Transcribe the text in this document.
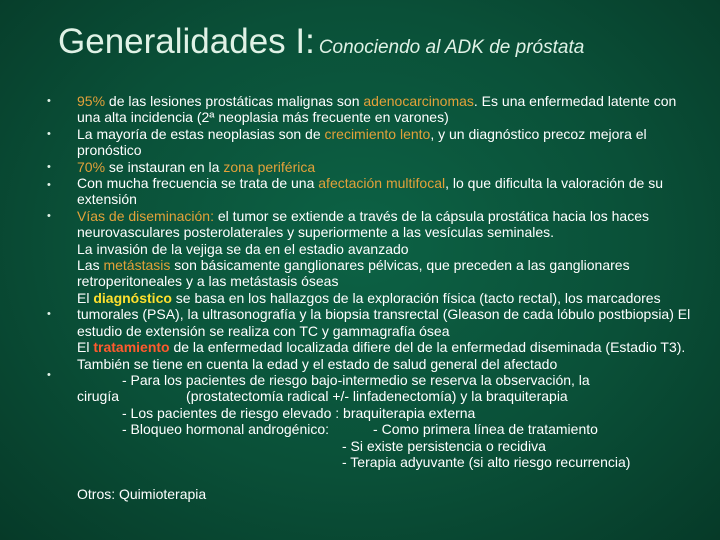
Generalidades I: Conociendo al ADK de próstata
•
•
•
•
•
•
•
95% de las lesiones prostáticas malignas son adenocarcinomas. Es una enfermedad latente con una alta incidencia (2ª neoplasia más frecuente en varones)
La mayoría de estas neoplasias son de crecimiento lento, y un diagnóstico precoz mejora el pronóstico
70% se instauran en la zona periférica
Con mucha frecuencia se trata de una afectación multifocal, lo que dificulta la valoración de su extensión
Vías de diseminación: el tumor se extiende a través de la cápsula prostática hacia los haces neurovasculares posterolaterales y superiormente a las vesículas seminales.
La invasión de la vejiga se da en el estadio avanzado
Las metástasis son básicamente ganglionares pélvicas, que preceden a las ganglionares retroperitoneales y a las metástasis óseas
El diagnóstico se basa en los hallazgos de la exploración física (tacto rectal), los marcadores tumorales (PSA), la ultrasonografía y la biopsia transrectal (Gleason de cada lóbulo postbiopsia) El estudio de extensión se realiza con TC y gammagrafía ósea
El tratamiento de la enfermedad localizada difiere del de la enfermedad diseminada (Estadio T3). También se tiene en cuenta la edad y el estado de salud general del afectado
- Para los pacientes de riesgo bajo-intermedio se reserva la observación, la
cirugía	(prostatectomía radical +/- linfadenectomía) y la braquiterapia
- Los pacientes de riesgo elevado : braquiterapia externa
- Bloqueo hormonal androgénico:	- Como primera línea de tratamiento
- Si existe persistencia o recidiva
- Terapia adyuvante (si alto riesgo recurrencia)
Otros: Quimioterapia
